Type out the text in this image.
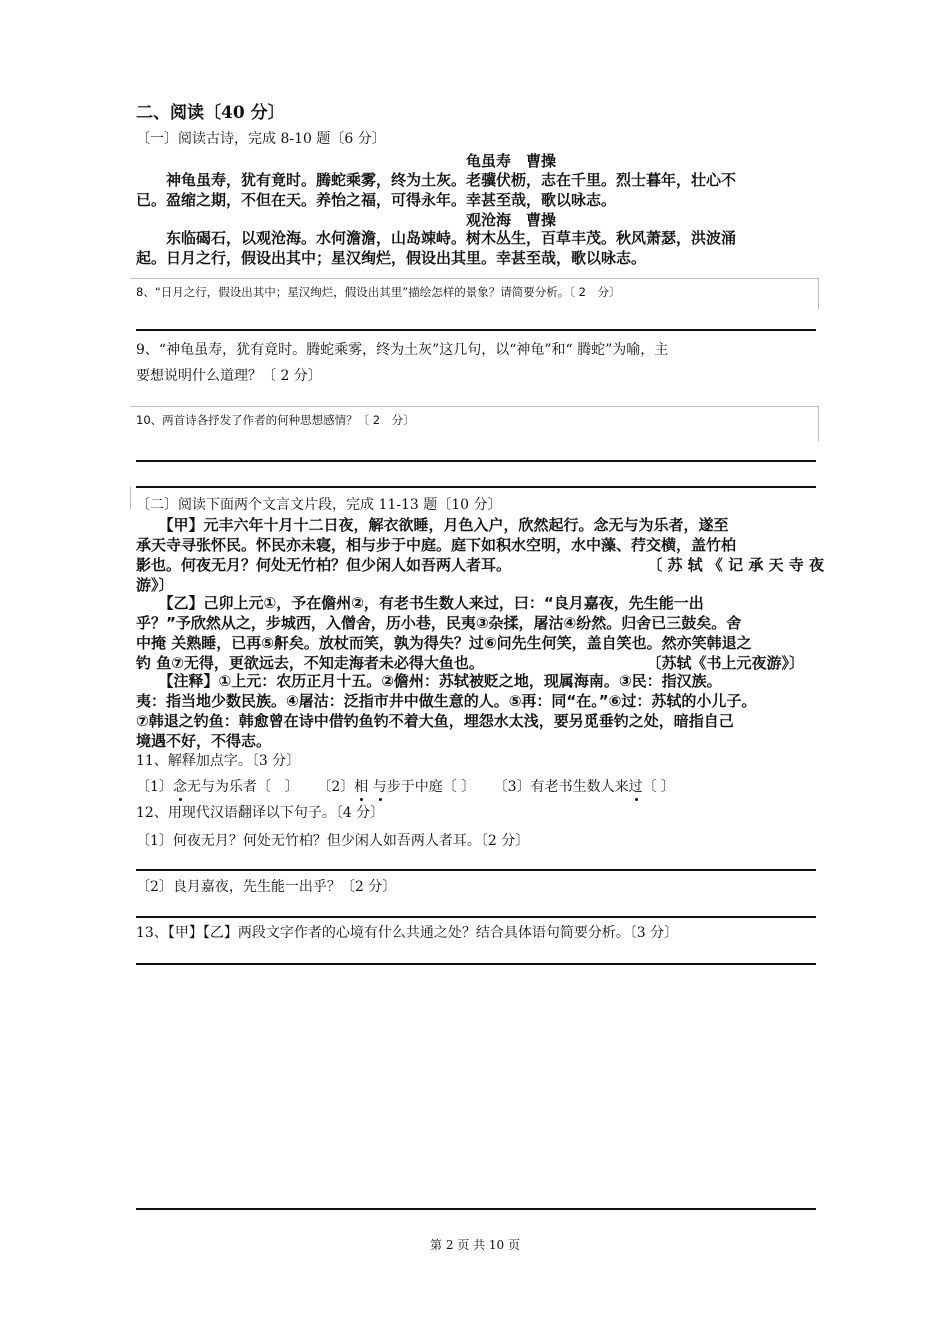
二、阅读〔40 分〕
〔一〕阅读古诗，完成 8-10 题〔6 分〕
龟虽寿　曹操
神龟虽寿，犹有竟时。腾蛇乘雾，终为土灰。老骥伏枥，志在千里。烈士暮年，壮心不
已。盈缩之期，不但在天。养怡之福，可得永年。幸甚至哉，歌以咏志。
观沧海　曹操
东临碣石，以观沧海。水何澹澹，山岛竦峙。树木丛生，百草丰茂。秋风萧瑟，洪波涌
起。日月之行，假设出其中；星汉绚烂，假设出其里。幸甚至哉，歌以咏志。
8、“日月之行，假设出其中；星汉绚烂，假设出其里”描绘怎样的景象？请简要分析。〔 2　分〕
9、“神龟虽寿，犹有竟时。腾蛇乘雾，终为土灰”这几句，以“神龟”和“ 腾蛇”为喻，主
要想说明什么道理？〔 2 分〕
10、两首诗各抒发了作者的何种思想感情？〔 2　分〕
〔二〕阅读下面两个文言文片段，完成 11-13 题〔10 分〕
　　【甲】元丰六年十月十二日夜，解衣欲睡，月色入户，欣然起行。念无与为乐者，遂至
承天寺寻张怀民。怀民亦未寝，相与步于中庭。庭下如积水空明，水中藻、荇交横，盖竹柏
影也。何夜无月？何处无竹柏？但少闲人如吾两人者耳。	〔 苏 轼 《 记 承 天 寺 夜
游》〕
　　【乙】己卯上元①，予在儋州②，有老书生数人来过，曰：“良月嘉夜，先生能一出
乎？”予欣然从之，步城西，入僧舍，历小巷，民夷③杂揉，屠沽④纷然。归舍已三鼓矣。舍
中掩 关熟睡，已再⑤鼾矣。放杖而笑，孰为得失？过⑥问先生何笑，盖自笑也。然亦笑韩退之
钓 鱼⑦无得，更欲远去，不知走海者未必得大鱼也。	〔苏轼《书上元夜游》〕
　　【注释】①上元：农历正月十五。②儋州：苏轼被贬之地，现属海南。③民：指汉族。
夷：指当地少数民族。④屠沽：泛指市井中做生意的人。⑤再：同“在。”⑥过：苏轼的小儿子。
⑦韩退之钓鱼：韩愈曾在诗中借钓鱼钓不着大鱼，埋怨水太浅，要另觅垂钓之处，暗指自己
境遇不好，不得志。
11、解释加点字。〔3 分〕
〔1〕念无与为乐者〔　〕 〔2〕相 与步于中庭〔 〕 〔3〕有老书生数人来过〔 〕
12、用现代汉语翻译以下句子。〔4 分〕
〔1〕何夜无月？何处无竹柏？但少闲人如吾两人者耳。〔2 分〕
〔2〕良月嘉夜，先生能一出乎？〔2 分〕
13、【甲】【乙】两段文字作者的心境有什么共通之处？结合具体语句简要分析。〔3 分〕
第 2 页 共 10 页
